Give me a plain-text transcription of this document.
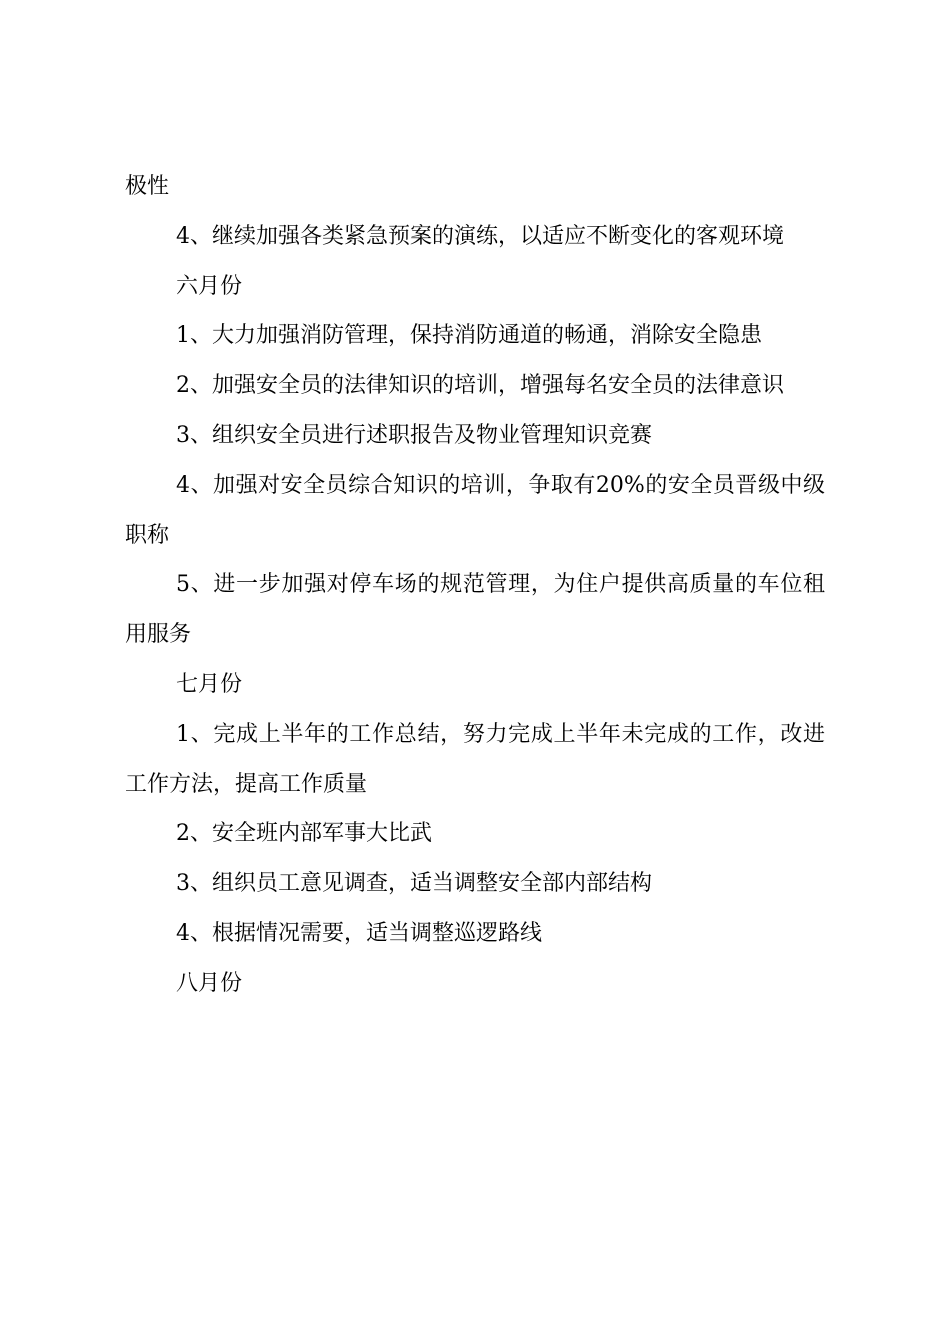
极性

4、继续加强各类紧急预案的演练，以适应不断变化的客观环境

六月份

1、大力加强消防管理，保持消防通道的畅通，消除安全隐患

2、加强安全员的法律知识的培训，增强每名安全员的法律意识

3、组织安全员进行述职报告及物业管理知识竞赛

4、加强对安全员综合知识的培训，争取有20%的安全员晋级中级职称

5、进一步加强对停车场的规范管理，为住户提供高质量的车位租用服务

七月份

1、完成上半年的工作总结，努力完成上半年未完成的工作，改进工作方法，提高工作质量

2、安全班内部军事大比武

3、组织员工意见调查，适当调整安全部内部结构

4、根据情况需要，适当调整巡逻路线

八月份
